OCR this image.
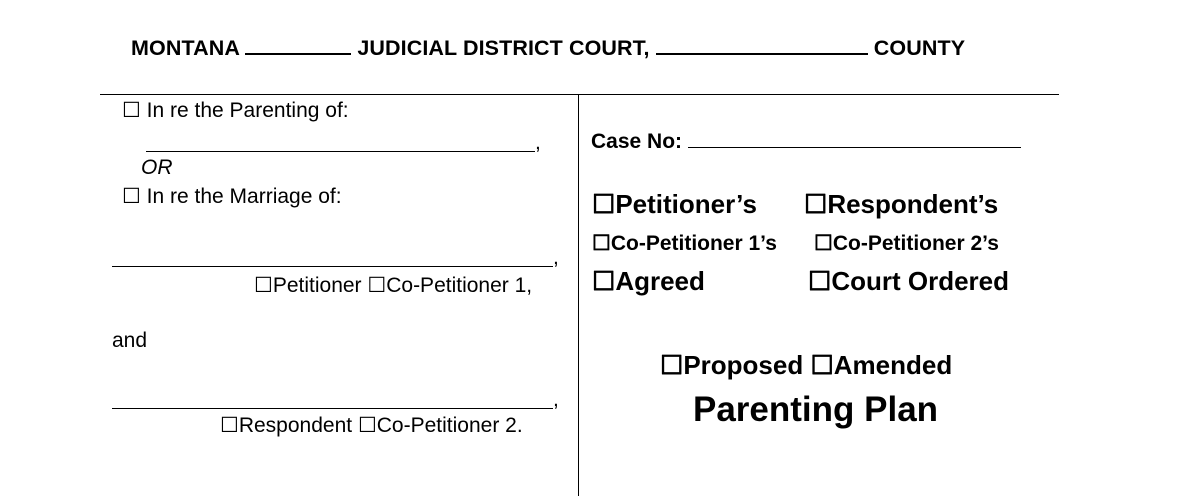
MONTANA	JUDICIAL DISTRICT COURT,	COUNTY
☐ In re the Parenting of:
,
OR
☐ In re the Marriage of:
,
☐Petitioner ☐Co-Petitioner 1,
and
,
☐Respondent ☐Co-Petitioner 2.
Case No:
☐Petitioner’s ☐Respondent’s
☐Co-Petitioner 1’s ☐Co-Petitioner 2’s
☐Agreed	☐Court Ordered
☐Proposed ☐Amended
Parenting Plan
